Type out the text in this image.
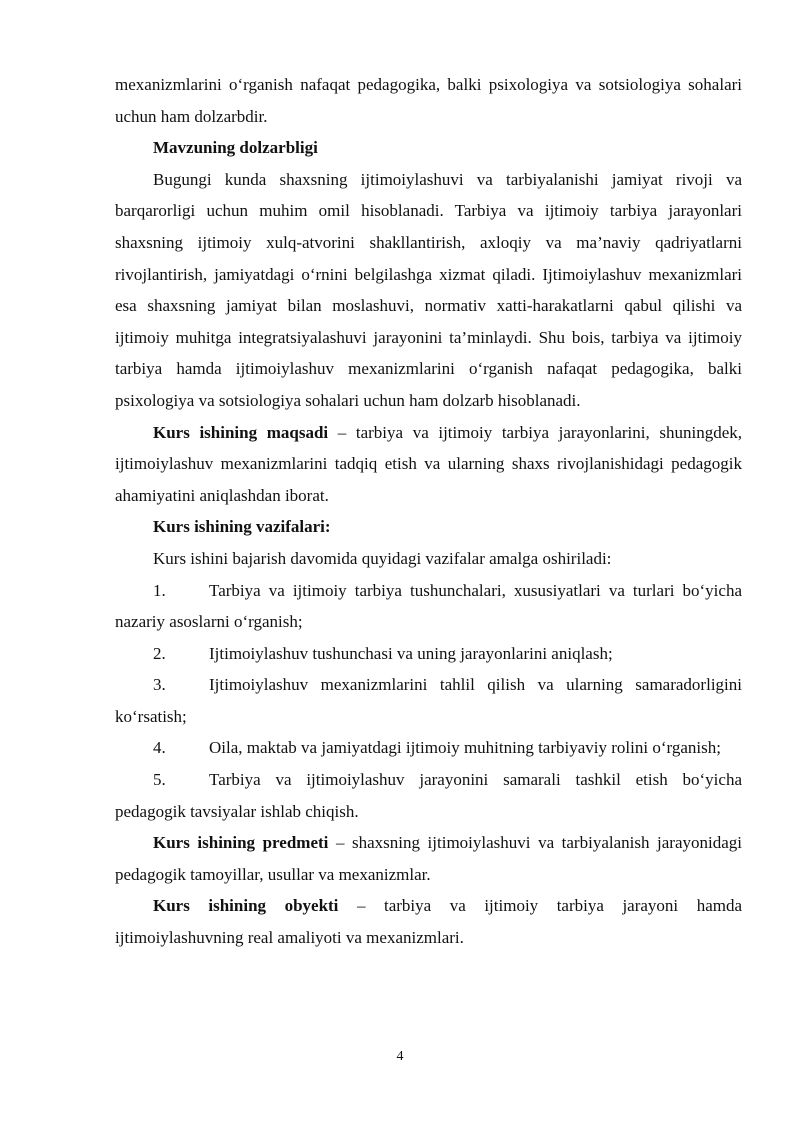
mexanizmlarini o‘rganish nafaqat pedagogika, balki psixologiya va sotsiologiya sohalari uchun ham dolzarbdir.

Mavzuning dolzarbligi

Bugungi kunda shaxsning ijtimoiylashuvi va tarbiyalanishi jamiyat rivoji va barqarorligi uchun muhim omil hisoblanadi. Tarbiya va ijtimoiy tarbiya jarayonlari shaxsning ijtimoiy xulq-atvorini shakllantirish, axloqiy va ma’naviy qadriyatlarni rivojlantirish, jamiyatdagi o‘rnini belgilashga xizmat qiladi. Ijtimoiylashuv mexanizmlari esa shaxsning jamiyat bilan moslashuvi, normativ xatti-harakatlarni qabul qilishi va ijtimoiy muhitga integratsiyalashuvi jarayonini ta’minlaydi. Shu bois, tarbiya va ijtimoiy tarbiya hamda ijtimoiylashuv mexanizmlarini o‘rganish nafaqat pedagogika, balki psixologiya va sotsiologiya sohalari uchun ham dolzarb hisoblanadi.

Kurs ishining maqsadi – tarbiya va ijtimoiy tarbiya jarayonlarini, shuningdek, ijtimoiylashuv mexanizmlarini tadqiq etish va ularning shaxs rivojlanishidagi pedagogik ahamiyatini aniqlashdan iborat.

Kurs ishining vazifalari:

Kurs ishini bajarish davomida quyidagi vazifalar amalga oshiriladi:

1.	Tarbiya va ijtimoiy tarbiya tushunchalari, xususiyatlari va turlari bo‘yicha nazariy asoslarni o‘rganish;

2.	Ijtimoiylashuv tushunchasi va uning jarayonlarini aniqlash;

3.	Ijtimoiylashuv mexanizmlarini tahlil qilish va ularning samaradorligini ko‘rsatish;

4.	Oila, maktab va jamiyatdagi ijtimoiy muhitning tarbiyaviy rolini o‘rganish;

5.	Tarbiya va ijtimoiylashuv jarayonini samarali tashkil etish bo‘yicha pedagogik tavsiyalar ishlab chiqish.

Kurs ishining predmeti – shaxsning ijtimoiylashuvi va tarbiyalanish jarayonidagi pedagogik tamoyillar, usullar va mexanizmlar.

Kurs ishining obyekti – tarbiya va ijtimoiy tarbiya jarayoni hamda ijtimoiylashuvning real amaliyoti va mexanizmlari.

4
